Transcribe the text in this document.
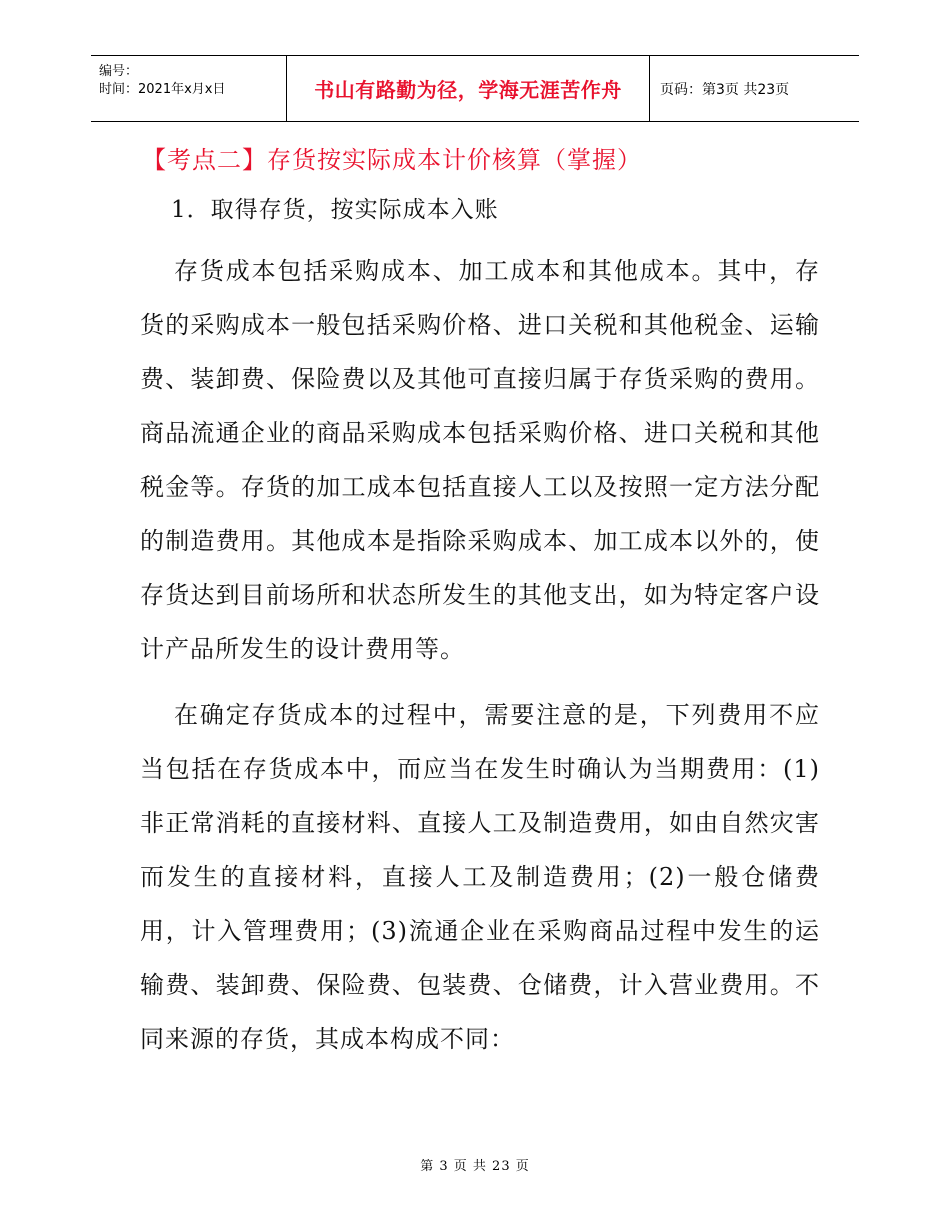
编号：
时间：2021年x月x日	书山有路勤为径，学海无涯苦作舟	页码：第3页 共23页
【考点二】存货按实际成本计价核算（掌握）
1．取得存货，按实际成本入账

存货成本包括采购成本、加工成本和其他成本。其中，存货的采购成本一般包括采购价格、进口关税和其他税金、运输费、装卸费、保险费以及其他可直接归属于存货采购的费用。商品流通企业的商品采购成本包括采购价格、进口关税和其他税金等。存货的加工成本包括直接人工以及按照一定方法分配的制造费用。其他成本是指除采购成本、加工成本以外的，使存货达到目前场所和状态所发生的其他支出，如为特定客户设计产品所发生的设计费用等。

在确定存货成本的过程中，需要注意的是，下列费用不应当包括在存货成本中，而应当在发生时确认为当期费用：(1)非正常消耗的直接材料、直接人工及制造费用，如由自然灾害而发生的直接材料，直接人工及制造费用；(2)一般仓储费用，计入管理费用；(3)流通企业在采购商品过程中发生的运输费、装卸费、保险费、包装费、仓储费，计入营业费用。不同来源的存货，其成本构成不同：

第 3 页 共 23 页
